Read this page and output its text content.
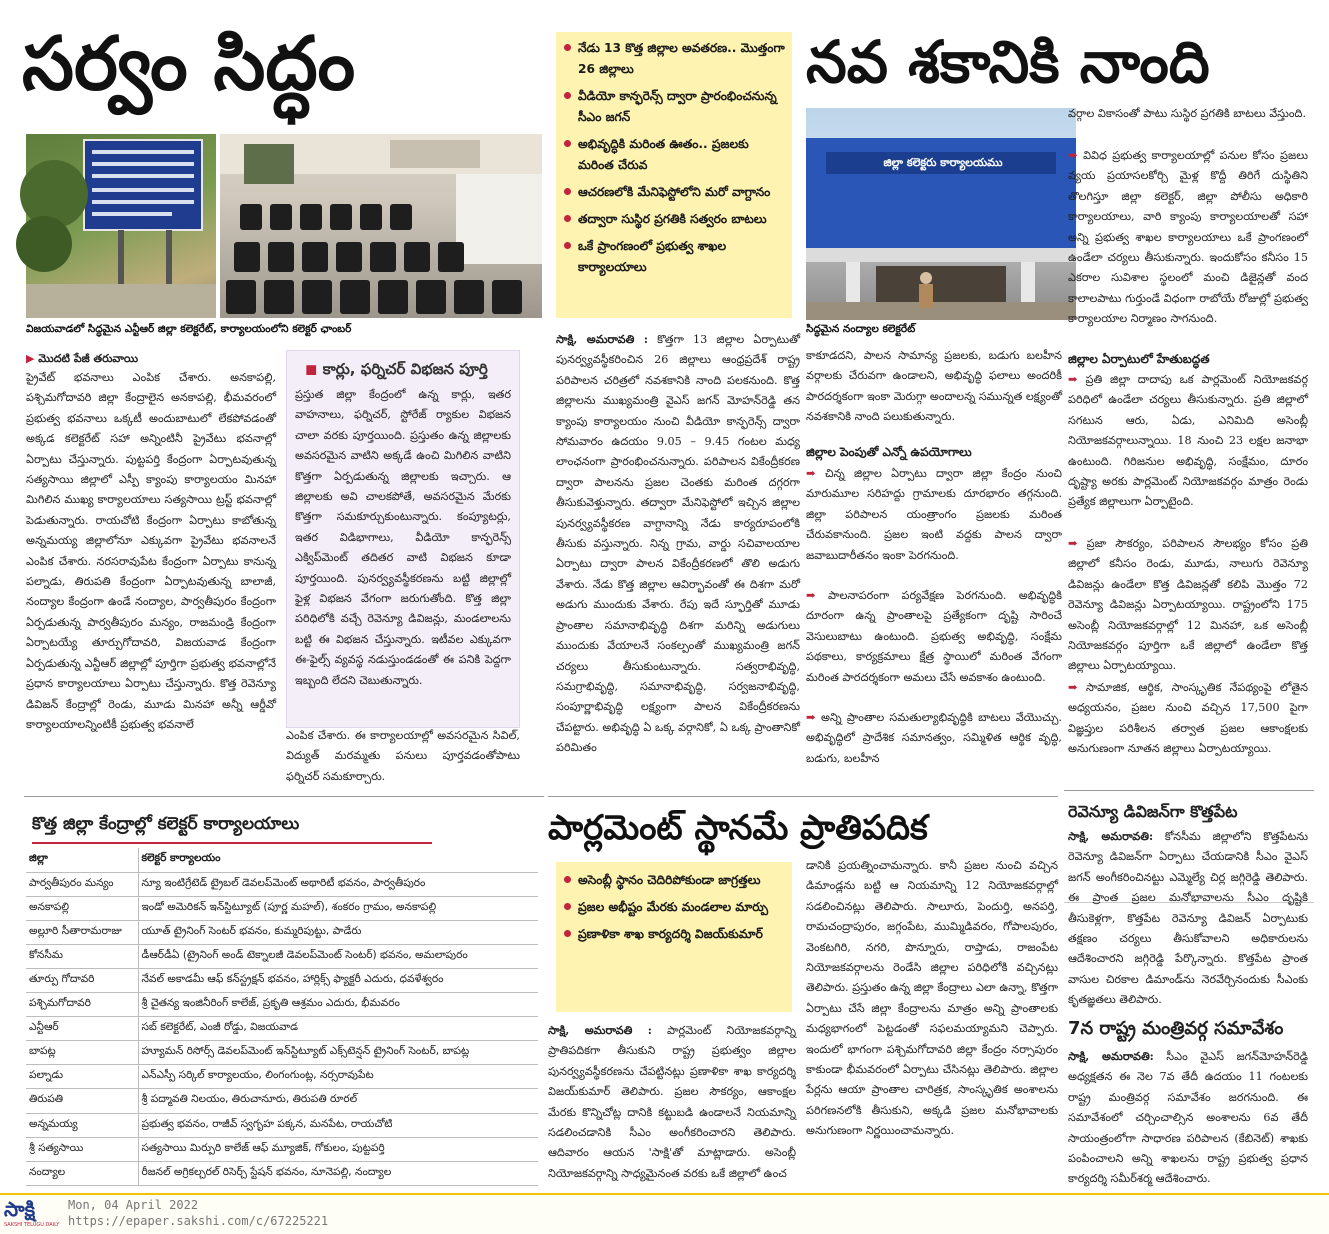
సర్వం సిద్ధం	నవ శకానికి నాంది
విజయవాడలో సిద్ధమైన ఎన్టీఆర్ జిల్లా కలెక్టరేట్, కార్యాలయంలోని కలెక్టర్ ఛాంబర్
నేడు 13 కొత్త జిల్లాల అవతరణ.. మొత్తంగా 26 జిల్లాలు
వీడియో కాన్ఫరెన్స్ ద్వారా ప్రారంభించనున్న సీఎం జగన్
అభివృద్ధికి మరింత ఊతం.. ప్రజలకు మరింత చేరువ
ఆచరణలోకి మేనిఫెస్టోలోని మరో వాగ్దానం
తద్వారా సుస్థిర ప్రగతికి సత్వరం బాటలు
ఒకే ప్రాంగణంలో ప్రభుత్వ శాఖల కార్యాలయాలు
జిల్లా కలెక్టరు కార్యాలయము
సిద్ధమైన నంద్యాల కలెక్టరేట్
▶ మొదటి పేజీ తరువాయి
ప్రైవేట్ భవనాలు ఎంపిక చేశారు. అనకాపల్లి, పశ్చిమగోదావరి జిల్లా కేంద్రాలైన అనకాపల్లి, భీమవరంలో ప్రభుత్వ భవనాలు ఒక్కటీ అందుబాటులో లేకపోవడంతో అక్కడ కలెక్టరేట్ సహా అన్నింటినీ ప్రైవేటు భవనాల్లో ఏర్పాటు చేస్తున్నారు. పుట్టపర్తి కేంద్రంగా ఏర్పాటవుతున్న సత్యసాయి జిల్లాలో ఎస్పీ క్యాంపు కార్యాలయం మినహా మిగిలిన ముఖ్య కార్యాలయాలు సత్యసాయి ట్రస్ట్ భవనాల్లో పెడుతున్నారు. రాయచోటి కేంద్రంగా ఏర్పాటు కాబోతున్న అన్నమయ్య జిల్లాలోనూ ఎక్కువగా ప్రైవేటు భవనాలనే ఎంపిక చేశారు. నరసరావుపేట కేంద్రంగా ఏర్పాటు కానున్న పల్నాడు, తిరుపతి కేంద్రంగా ఏర్పాటవుతున్న బాలాజీ, నంద్యాల కేంద్రంగా ఉండే నంద్యాల, పార్వతీపురం కేంద్రంగా ఏర్పడుతున్న పార్వతీపురం మన్యం, రాజమండ్రి కేంద్రంగా ఏర్పాటయ్యే తూర్పుగోదావరి, విజయవాడ కేంద్రంగా ఏర్పడుతున్న ఎన్టీఆర్ జిల్లాల్లో పూర్తిగా ప్రభుత్వ భవనాల్లోనే ప్రధాన కార్యాలయాలు ఏర్పాటు చేస్తున్నారు. కొత్త రెవెన్యూ డివిజన్ కేంద్రాల్లో రెండు, మూడు మినహా అన్నీ ఆర్డీవో కార్యాలయాలన్నింటికీ ప్రభుత్వ భవనాలే
◼ కార్లు, ఫర్నిచర్ విభజన పూర్తి
ప్రస్తుత జిల్లా కేంద్రంలో ఉన్న కార్లు, ఇతర వాహనాలు, ఫర్నిచర్, స్టోరేజ్ ర్యాకుల విభజన చాలా వరకు పూర్తయింది. ప్రస్తుతం ఉన్న జిల్లాలకు అవసరమైన వాటిని అక్కడే ఉంచి మిగిలిన వాటిని కొత్తగా ఏర్పడుతున్న జిల్లాలకు ఇచ్చారు. ఆ జిల్లాలకు అవి చాలకపోతే, అవసరమైన మేరకు కొత్తగా సమకూర్చుకుంటున్నారు. కంప్యూటర్లు, ఇతర విడిభాగాలు, వీడియో కాన్ఫరెన్స్ ఎక్విప్‌మెంట్ తదితర వాటి విభజన కూడా పూర్తయింది. పునర్వ్యవస్థీకరణను బట్టి జిల్లాల్లో ఫైళ్ల విభజన వేగంగా జరుగుతోంది. కొత్త జిల్లా పరిధిలోకి వచ్చే రెవెన్యూ డివిజన్లు, మండలాలను బట్టి ఈ విభజన చేస్తున్నారు. ఇటీవల ఎక్కువగా ఈ-ఫైల్స్ వ్యవస్థ నడుస్తుండడంతో ఈ పనికి పెద్దగా ఇబ్బంది లేదని చెబుతున్నారు.
ఎంపిక చేశారు. ఈ కార్యాలయాల్లో అవసరమైన సివిల్, విద్యుత్ మరమ్మతు పనులు పూర్తవడంతోపాటు ఫర్నిచర్ సమకూర్చారు.
సాక్షి, అమరావతి : కొత్తగా 13 జిల్లాల ఏర్పాటుతో పునర్వ్యవస్థీకరించిన 26 జిల్లాలు ఆంధ్రప్రదేశ్ రాష్ట్ర పరిపాలన చరిత్రలో నవశకానికి నాంది పలకనుంది. కొత్త జిల్లాలను ముఖ్యమంత్రి వైఎస్ జగన్ మోహన్‌రెడ్డి తన క్యాంపు కార్యాలయం నుంచి వీడియో కాన్ఫరెన్స్ ద్వారా సోమవారం ఉదయం 9.05 – 9.45 గంటల మధ్య లాంఛనంగా ప్రారంభించనున్నారు. పరిపాలన వికేంద్రీకరణ ద్వారా పాలనను ప్రజల చెంతకు మరింత దగ్గరగా తీసుకువెళ్తున్నారు. తద్వారా మేనిఫెస్టోలో ఇచ్చిన జిల్లాల పునర్వ్యవస్థీకరణ వాగ్దానాన్ని నేడు కార్యరూపంలోకి తీసుకు వస్తున్నారు. నిన్న గ్రామ, వార్డు సచివాలయాల ఏర్పాటు ద్వారా పాలన వికేంద్రీకరణలో తొలి అడుగు వేశారు. నేడు కొత్త జిల్లాల ఆవిర్భావంతో ఈ దిశగా మరో అడుగు ముందుకు వేశారు. రేపు ఇదే స్ఫూర్తితో మూడు ప్రాంతాల సమానాభివృద్ధి దిశగా మరిన్ని అడుగులు ముందుకు వేయాలనే సంకల్పంతో ముఖ్యమంత్రి జగన్ చర్యలు తీసుకుంటున్నారు. సత్వరాభివృద్ధి, సమగ్రాభివృద్ధి, సమానాభివృద్ధి, సర్వజనాభివృద్ధి, సంపూర్ణాభివృద్ధి లక్ష్యంగా పాలన వికేంద్రీకరణను చేపట్టారు. అభివృద్ధి ఏ ఒక్క వర్గానికో, ఏ ఒక్క ప్రాంతానికో పరిమితం
కాకూడదని, పాలన సామాన్య ప్రజలకు, బడుగు బలహీన వర్గాలకు చేరువగా ఉండాలని, అభివృద్ధి ఫలాలు అందరికీ పారదర్శకంగా ఇంకా మెరుగ్గా అందాలన్న సమున్నత లక్ష్యంతో నవశకానికి నాంది పలుకుతున్నారు.
జిల్లాల పెంపుతో ఎన్నో ఉపయోగాలు
➡ చిన్న జిల్లాల ఏర్పాటు ద్వారా జిల్లా కేంద్రం నుంచి మారుమూల సరిహద్దు గ్రామాలకు దూరభారం తగ్గనుంది. జిల్లా పరిపాలన యంత్రాంగం ప్రజలకు మరింత చేరువకానుంది. ప్రజల ఇంటి వద్దకు పాలన ద్వారా జవాబుదారీతనం ఇంకా పెరగనుంది.
➡ పాలనాపరంగా పర్యవేక్షణ పెరగనుంది. అభివృద్ధికి దూరంగా ఉన్న ప్రాంతాలపై ప్రత్యేకంగా దృష్టి సారించే వెసులుబాటు ఉంటుంది. ప్రభుత్వ అభివృద్ధి, సంక్షేమ పథకాలు, కార్యక్రమాలు క్షేత్ర స్థాయిలో మరింత వేగంగా మరింత పారదర్శకంగా అమలు చేసే అవకాశం ఉంటుంది.
➡ అన్ని ప్రాంతాల సమతుల్యాభివృద్ధికి బాటలు వేయొచ్చు. అభివృద్ధిలో ప్రాదేశిక సమానత్వం, సమ్మిళిత ఆర్థిక వృద్ధి, బడుగు, బలహీన
వర్గాల వికాసంతో పాటు సుస్థిర ప్రగతికి బాటలు వేస్తుంది.
➡ వివిధ ప్రభుత్వ కార్యాలయాల్లో పనుల కోసం ప్రజలు వ్యయ ప్రయాసలకోర్చి మైళ్ల కొద్దీ తిరిగే దుస్థితిని తొలగిస్తూ జిల్లా కలెక్టర్, జిల్లా పోలీసు అధికారి కార్యాలయాలు, వారి క్యాంపు కార్యాలయాలతో సహా అన్ని ప్రభుత్వ శాఖల కార్యాలయాలు ఒకే ప్రాంగణంలో ఉండేలా చర్యలు తీసుకున్నారు. ఇందుకోసం కనీసం 15 ఎకరాల సువిశాల స్థలంలో మంచి డిజైన్లతో వంద కాలాలపాటు గుర్తుండే విధంగా రాబోయే రోజుల్లో ప్రభుత్వ కార్యాలయాల నిర్మాణం సాగనుంది.
జిల్లాల ఏర్పాటులో హేతుబద్ధత
➡ ప్రతి జిల్లా దాదాపు ఒక పార్లమెంట్ నియోజకవర్గ పరిధిలో ఉండేలా చర్యలు తీసుకున్నారు. ప్రతి జిల్లాలో సగటున ఆరు, ఏడు, ఎనిమిది అసెంబ్లీ నియోజకవర్గాలున్నాయి. 18 నుంచి 23 లక్షల జనాభా ఉంటుంది. గిరిజనుల అభివృద్ధి, సంక్షేమం, దూరం దృష్ట్యా అరకు పార్లమెంట్ నియోజకవర్గం మాత్రం రెండు ప్రత్యేక జిల్లాలుగా ఏర్పాటైంది.
➡ ప్రజా సౌకర్యం, పరిపాలన సౌలభ్యం కోసం ప్రతి జిల్లాలో కనీసం రెండు, మూడు, నాలుగు రెవెన్యూ డివిజన్లు ఉండేలా కొత్త డివిజన్లతో కలిపి మొత్తం 72 రెవెన్యూ డివిజన్లు ఏర్పాటయ్యాయి. రాష్ట్రంలోని 175 అసెంబ్లీ నియోజకవర్గాల్లో 12 మినహా, ఒక అసెంబ్లీ నియోజకవర్గం పూర్తిగా ఒకే జిల్లాలో ఉండేలా కొత్త జిల్లాలు ఏర్పాటయ్యాయి.
➡ సామాజిక, ఆర్థిక, సాంస్కృతిక నేపథ్యంపై లోతైన అధ్యయనం, ప్రజల నుంచి వచ్చిన 17,500 పైగా విజ్ఞప్తుల పరిశీలన తర్వాత ప్రజల ఆకాంక్షలకు అనుగుణంగా నూతన జిల్లాలు ఏర్పాటయ్యాయి.
కొత్త జిల్లా కేంద్రాల్లో కలెక్టర్ కార్యాలయాలు
జిల్లా	కలెక్టర్ కార్యాలయం
పార్వతీపురం మన్యం	న్యూ ఇంటిగ్రేటెడ్ ట్రైబల్ డెవలప్‌మెంట్ అథారిటీ భవనం, పార్వతీపురం
అనకాపల్లి	ఇండో అమెరికన్ ఇన్‌స్టిట్యూట్ (పూర్ణ మహల్), శంకరం గ్రామం, అనకాపల్లి
అల్లూరి సీతారామరాజు	యూత్ ట్రైనింగ్ సెంటర్ భవనం, కుమ్మరిపుట్టు, పాడేరు
కోనసీమ	డీఆర్‌డీఏ (ట్రైనింగ్ అండ్ టెక్నాలజీ డెవలప్‌మెంట్ సెంటర్) భవనం, అమలాపురం
తూర్పు గోదావరి	నేవల్ అకాడమీ ఆఫ్ కన్‌స్ట్రక్షన్ భవనం, హార్లిక్స్ ఫ్యాక్టరీ ఎదురు, ధవళేశ్వరం
పశ్చిమగోదావరి	శ్రీ చైతన్య ఇంజినీరింగ్ కాలేజ్, ప్రకృతి ఆశ్రమం ఎదురు, భీమవరం
ఎన్టీఆర్	సబ్ కలెక్టరేట్, ఎంజీ రోడ్డు, విజయవాడ
బాపట్ల	హ్యూమన్ రిసోర్స్ డెవలప్‌మెంట్ ఇన్‌స్టిట్యూట్ ఎక్స్‌టెన్షన్ ట్రైనింగ్ సెంటర్, బాపట్ల
పల్నాడు	ఎన్ఎస్పీ సర్కిల్ కార్యాలయం, లింగంగుంట్ల, నర్సరావుపేట
తిరుపతి	శ్రీ పద్మావతి నిలయం, తిరుచానూరు, తిరుపతి రూరల్
అన్నమయ్య	ప్రభుత్వ భవనం, రాజీవ్ స్వగృహ పక్కన, మనపేట, రాయచోటి
శ్రీ సత్యసాయి	సత్యసాయి మిర్పురి కాలేజ్ ఆఫ్ మ్యూజిక్, గోకులం, పుట్టపర్తి
నంద్యాల	రీజనల్ అగ్రికల్చరల్ రిసెర్చ్ స్టేషన్ భవనం, నూనెపల్లి, నంద్యాల
పార్లమెంట్ స్థానమే ప్రాతిపదిక
అసెంబ్లీ స్థానం చెదిరిపోకుండా జాగ్రత్తలు
ప్రజల అభీష్టం మేరకు మండలాల మార్పు
ప్రణాళికా శాఖ కార్యదర్శి విజయ్‌కుమార్
సాక్షి, అమరావతి : పార్లమెంట్ నియోజకవర్గాన్ని ప్రాతిపదికగా తీసుకుని రాష్ట్ర ప్రభుత్వం జిల్లాల పునర్వ్యవస్థీకరణను చేపట్టినట్లు ప్రణాళికా శాఖ కార్యదర్శి విజయ్‌కుమార్ తెలిపారు. ప్రజల సౌకర్యం, ఆకాంక్షల మేరకు కొన్నిచోట్ల దానికి కట్టుబడి ఉండాలనే నియమాన్ని సడలించడానికి సీఎం అంగీకరించారని తెలిపారు. ఆదివారం ఆయన 'సాక్షి'తో మాట్లాడారు. అసెంబ్లీ నియోజకవర్గాన్ని సాధ్యమైనంత వరకు ఒకే జిల్లాలో ఉంచ
డానికి ప్రయత్నించామన్నారు. కానీ ప్రజల నుంచి వచ్చిన డిమాండ్లను బట్టి ఆ నియమాన్ని 12 నియోజకవర్గాల్లో సడలించినట్లు తెలిపారు. సాలూరు, పెందుర్తి, అనపర్తి, రామచంద్రాపురం, జగ్గంపేట, ముమ్మిడివరం, గోపాలపురం, వెంకటగిరి, నగరి, పొన్నూరు, రాప్తాడు, రాజంపేట నియోజకవర్గాలను రెండేసి జిల్లాల పరిధిలోకి వచ్చినట్లు తెలిపారు. ప్రస్తుతం ఉన్న జిల్లా కేంద్రాలు ఎలా ఉన్నా, కొత్తగా ఏర్పాటు చేసే జిల్లా కేంద్రాలను మాత్రం అన్ని ప్రాంతాలకు మధ్యభాగంలో పెట్టడంతో సఫలమయ్యామని చెప్పారు. ఇందులో భాగంగా పశ్చిమగోదావరి జిల్లా కేంద్రం నర్సాపురం కాకుండా భీమవరంలో ఏర్పాటు చేసినట్లు తెలిపారు. జిల్లాల పేర్లను ఆయా ప్రాంతాల చారిత్రక, సాంస్కృతిక అంశాలను పరిగణనలోకి తీసుకుని, అక్కడి ప్రజల మనోభావాలకు అనుగుణంగా నిర్ణయించామన్నారు.
రెవెన్యూ డివిజన్‌గా కొత్తపేట
సాక్షి, అమరావతి: కోనసీమ జిల్లాలోని కొత్తపేటను రెవెన్యూ డివిజన్‌గా ఏర్పాటు చేయడానికి సీఎం వైఎస్ జగన్ అంగీకరించినట్టు ఎమ్మెల్యే చిర్ల జగ్గిరెడ్డి తెలిపారు. ఈ ప్రాంత ప్రజల మనోభావాలను సీఎం దృష్టికి తీసుకెళ్లగా, కొత్తపేట రెవెన్యూ డివిజన్ ఏర్పాటుకు తక్షణం చర్యలు తీసుకోవాలని అధికారులను ఆదేశించారని జగ్గిరెడ్డి పేర్కొన్నారు. కొత్తపేట ప్రాంత వాసుల చిరకాల డిమాండ్‌ను నెరవేర్చినందుకు సీఎంకు కృతజ్ఞతలు తెలిపారు.
7న రాష్ట్ర మంత్రివర్గ సమావేశం
సాక్షి, అమరావతి: సీఎం వైఎస్ జగన్‌మోహన్‌రెడ్డి అధ్యక్షతన ఈ నెల 7వ తేదీ ఉదయం 11 గంటలకు రాష్ట్ర మంత్రివర్గ సమావేశం జరగనుంది. ఈ సమావేశంలో చర్చించాల్సిన అంశాలను 6వ తేదీ సాయంత్రంలోగా సాధారణ పరిపాలన (కేబినెట్) శాఖకు పంపించాలని అన్ని శాఖలను రాష్ట్ర ప్రభుత్వ ప్రధాన కార్యదర్శి సమీర్‌శర్మ ఆదేశించారు.
సాక్షి
SAKSHI TELUGU DAILY
Mon, 04 April 2022
https://epaper.sakshi.com/c/67225221
